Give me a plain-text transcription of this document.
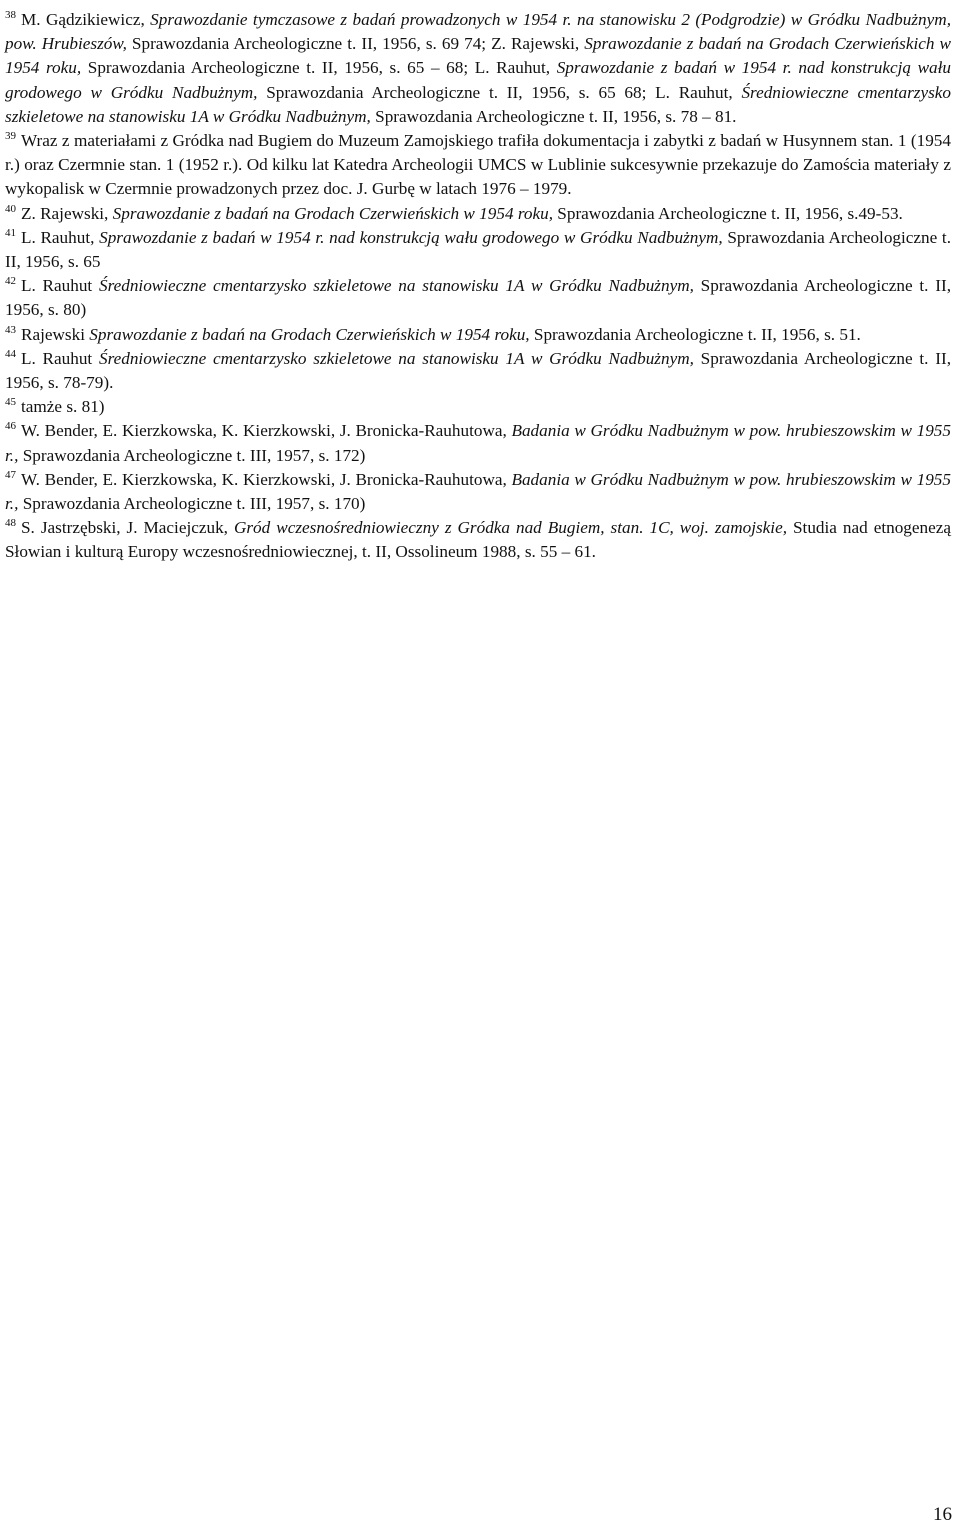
$^{38}$ M. Gądzikiewicz, Sprawozdanie tymczasowe z badań prowadzonych w 1954 r. na stanowisku 2 (Podgrodzie) w Gródku Nadbużnym, pow. Hrubieszów, Sprawozdania Archeologiczne t. II, 1956, s. 69 74; Z. Rajewski, Sprawozdanie z badań na Grodach Czerwieńskich w 1954 roku, Sprawozdania Archeologiczne t. II, 1956, s. 65 – 68; L. Rauhut, Sprawozdanie z badań w 1954 r. nad konstrukcją wału grodowego w Gródku Nadbużnym, Sprawozdania Archeologiczne t. II, 1956, s. 65 68; L. Rauhut, Średniowieczne cmentarzysko szkieletowe na stanowisku 1A w Gródku Nadbużnym, Sprawozdania Archeologiczne t. II, 1956, s. 78 – 81.

$^{39}$ Wraz z materiałami z Gródka nad Bugiem do Muzeum Zamojskiego trafiła dokumentacja i zabytki z badań w Husynnem stan. 1 (1954 r.) oraz Czermnie stan. 1 (1952 r.). Od kilku lat Katedra Archeologii UMCS w Lublinie sukcesywnie przekazuje do Zamościa materiały z wykopalisk w Czermnie prowadzonych przez doc. J. Gurbę w latach 1976 – 1979.

$^{40}$ Z. Rajewski, Sprawozdanie z badań na Grodach Czerwieńskich w 1954 roku, Sprawozdania Archeologiczne t. II, 1956, s.49-53.

$^{41}$ L. Rauhut, Sprawozdanie z badań w 1954 r. nad konstrukcją wału grodowego w Gródku Nadbużnym, Sprawozdania Archeologiczne t. II, 1956, s. 65

$^{42}$ L. Rauhut Średniowieczne cmentarzysko szkieletowe na stanowisku 1A w Gródku Nadbużnym, Sprawozdania Archeologiczne t. II, 1956, s. 80)

$^{43}$ Rajewski Sprawozdanie z badań na Grodach Czerwieńskich w 1954 roku, Sprawozdania Archeologiczne t. II, 1956, s. 51.

$^{44}$ L. Rauhut Średniowieczne cmentarzysko szkieletowe na stanowisku 1A w Gródku Nadbużnym, Sprawozdania Archeologiczne t. II, 1956, s. 78-79).

$^{45}$ tamże s. 81)

$^{46}$ W. Bender, E. Kierzkowska, K. Kierzkowski, J. Bronicka-Rauhutowa, Badania w Gródku Nadbużnym w pow. hrubieszowskim w 1955 r., Sprawozdania Archeologiczne t. III, 1957, s. 172)

$^{47}$ W. Bender, E. Kierzkowska, K. Kierzkowski, J. Bronicka-Rauhutowa, Badania w Gródku Nadbużnym w pow. hrubieszowskim w 1955 r., Sprawozdania Archeologiczne t. III, 1957, s. 170)

$^{48}$ S. Jastrzębski, J. Maciejczuk, Gród wczesnośredniowieczny z Gródka nad Bugiem, stan. 1C, woj. zamojskie, Studia nad etnogenezą Słowian i kulturą Europy wczesnośredniowiecznej, t. II, Ossolineum 1988, s. 55 – 61.

16
